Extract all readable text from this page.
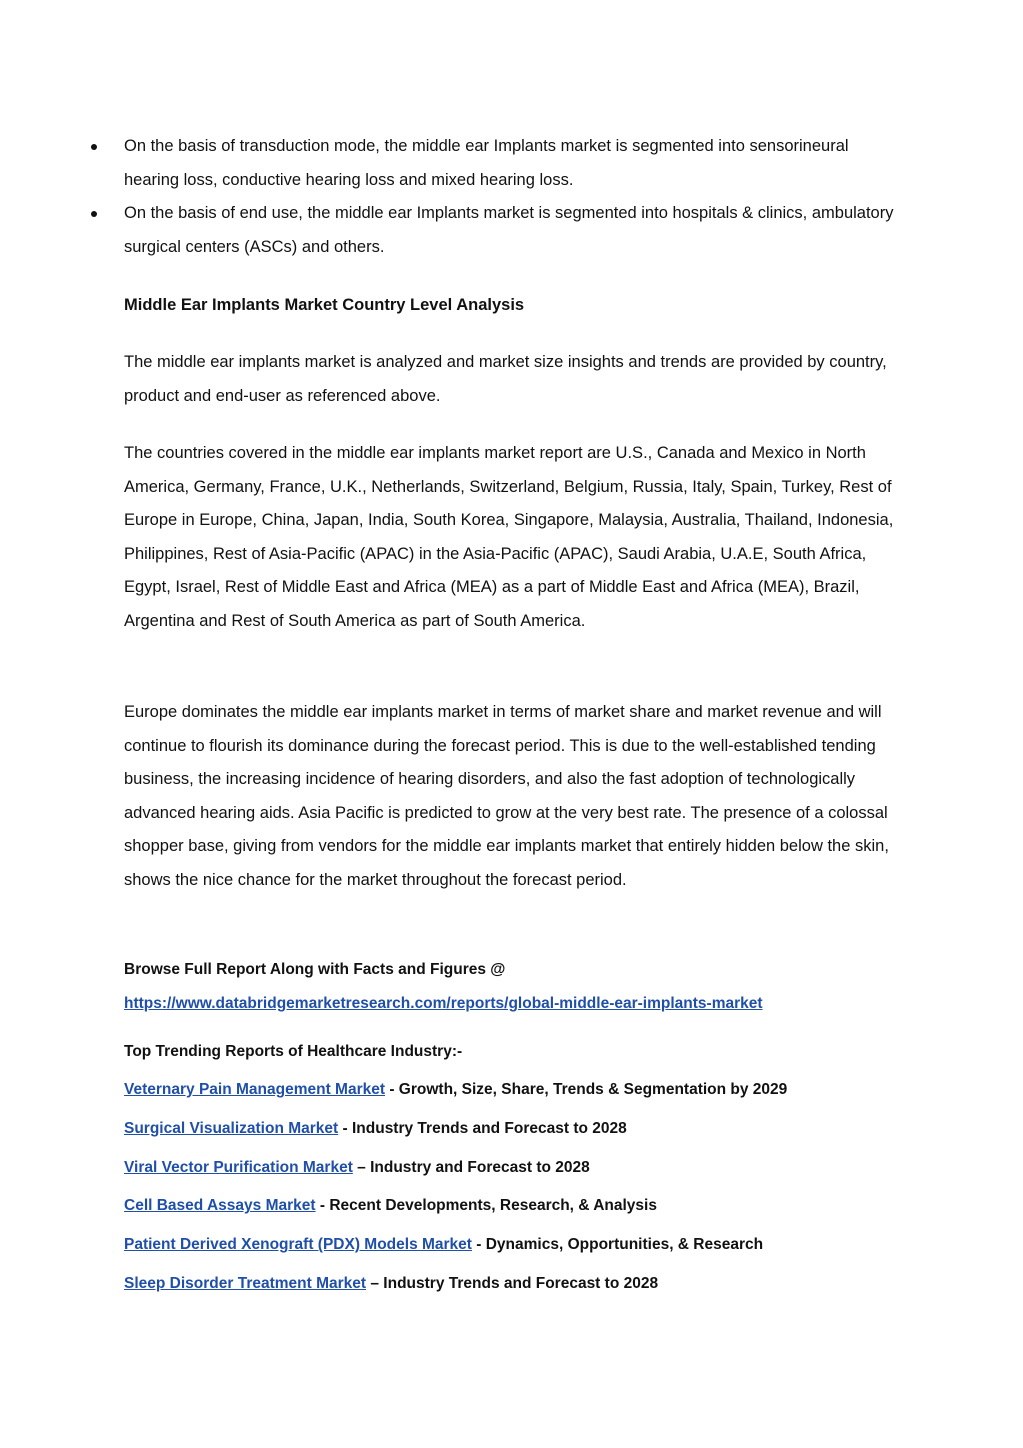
On the basis of transduction mode, the middle ear Implants market is segmented into sensorineural hearing loss, conductive hearing loss and mixed hearing loss.
On the basis of end use, the middle ear Implants market is segmented into hospitals & clinics, ambulatory surgical centers (ASCs) and others.
Middle Ear Implants Market Country Level Analysis

The middle ear implants market is analyzed and market size insights and trends are provided by country, product and end-user as referenced above.

The countries covered in the middle ear implants market report are U.S., Canada and Mexico in North America, Germany, France, U.K., Netherlands, Switzerland, Belgium, Russia, Italy, Spain, Turkey, Rest of Europe in Europe, China, Japan, India, South Korea, Singapore, Malaysia, Australia, Thailand, Indonesia, Philippines, Rest of Asia-Pacific (APAC) in the Asia-Pacific (APAC), Saudi Arabia, U.A.E, South Africa, Egypt, Israel, Rest of Middle East and Africa (MEA) as a part of Middle East and Africa (MEA), Brazil, Argentina and Rest of South America as part of South America.

Europe dominates the middle ear implants market in terms of market share and market revenue and will continue to flourish its dominance during the forecast period. This is due to the well-established tending business, the increasing incidence of hearing disorders, and also the fast adoption of technologically advanced hearing aids. Asia Pacific is predicted to grow at the very best rate. The presence of a colossal shopper base, giving from vendors for the middle ear implants market that entirely hidden below the skin, shows the nice chance for the market throughout the forecast period.

Browse Full Report Along with Facts and Figures @
https://www.databridgemarketresearch.com/reports/global-middle-ear-implants-market
Top Trending Reports of Healthcare Industry:-
Veternary Pain Management Market - Growth, Size, Share, Trends & Segmentation by 2029
Surgical Visualization Market - Industry Trends and Forecast to 2028
Viral Vector Purification Market – Industry and Forecast to 2028
Cell Based Assays Market - Recent Developments, Research, & Analysis
Patient Derived Xenograft (PDX) Models Market - Dynamics, Opportunities, & Research
Sleep Disorder Treatment Market – Industry Trends and Forecast to 2028
